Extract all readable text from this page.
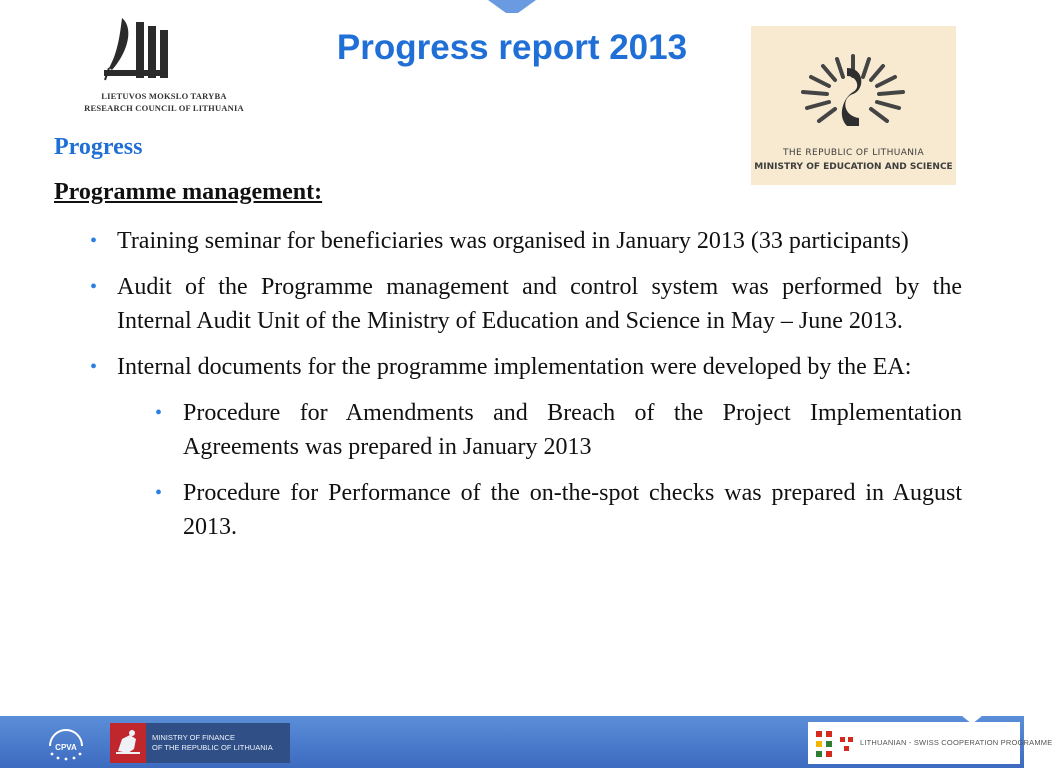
LIETUVOS MOKSLO TARYBA
RESEARCH COUNCIL OF LITHUANIA
Progress report 2013
THE REPUBLIC OF LITHUANIA
MINISTRY OF EDUCATION AND SCIENCE
Progress
Programme management:
• Training seminar for beneficiaries was organised in January 2013 (33 participants)
• Audit of the Programme management and control system was performed by the Internal Audit Unit of the Ministry of Education and Science in May – June 2013.
• Internal documents for the programme implementation were developed by the EA:
• Procedure for Amendments and Breach of the Project Implementation Agreements was prepared in January 2013
• Procedure for Performance of the on-the-spot checks was prepared in August 2013.
CPVA
MINISTRY OF FINANCE
OF THE REPUBLIC OF LITHUANIA
LITHUANIAN - SWISS COOPERATION PROGRAMME
